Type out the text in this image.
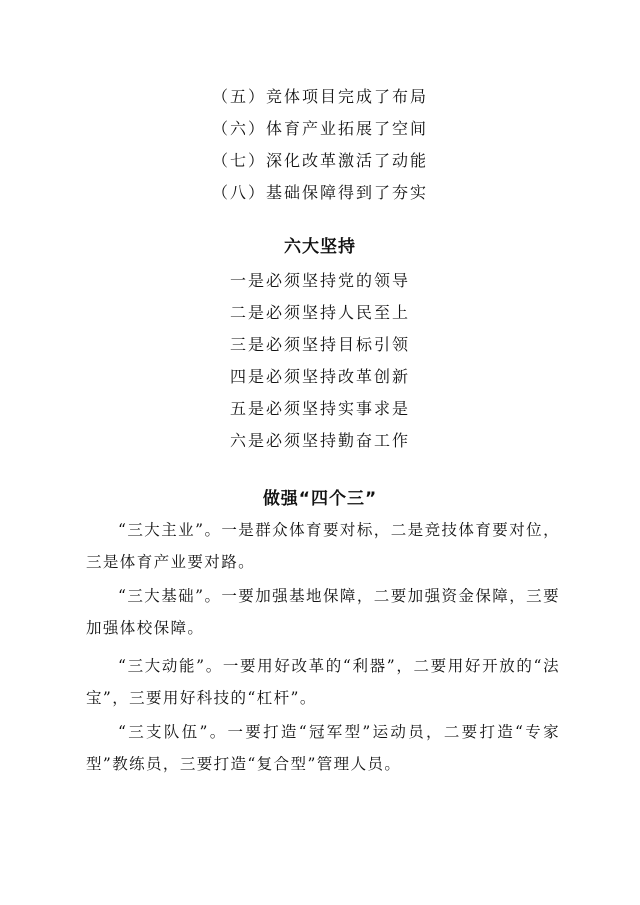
（五）竞体项目完成了布局
（六）体育产业拓展了空间
（七）深化改革激活了动能
（八）基础保障得到了夯实
六大坚持
一是必须坚持党的领导
二是必须坚持人民至上
三是必须坚持目标引领
四是必须坚持改革创新
五是必须坚持实事求是
六是必须坚持勤奋工作
做强“四个三”

“三大主业”。一是群众体育要对标，二是竞技体育要对位，三是体育产业要对路。

“三大基础”。一要加强基地保障，二要加强资金保障，三要加强体校保障。

“三大动能”。一要用好改革的“利器”，二要用好开放的“法宝”，三要用好科技的“杠杆”。

“三支队伍”。一要打造“冠军型”运动员，二要打造“专家型”教练员，三要打造“复合型”管理人员。
